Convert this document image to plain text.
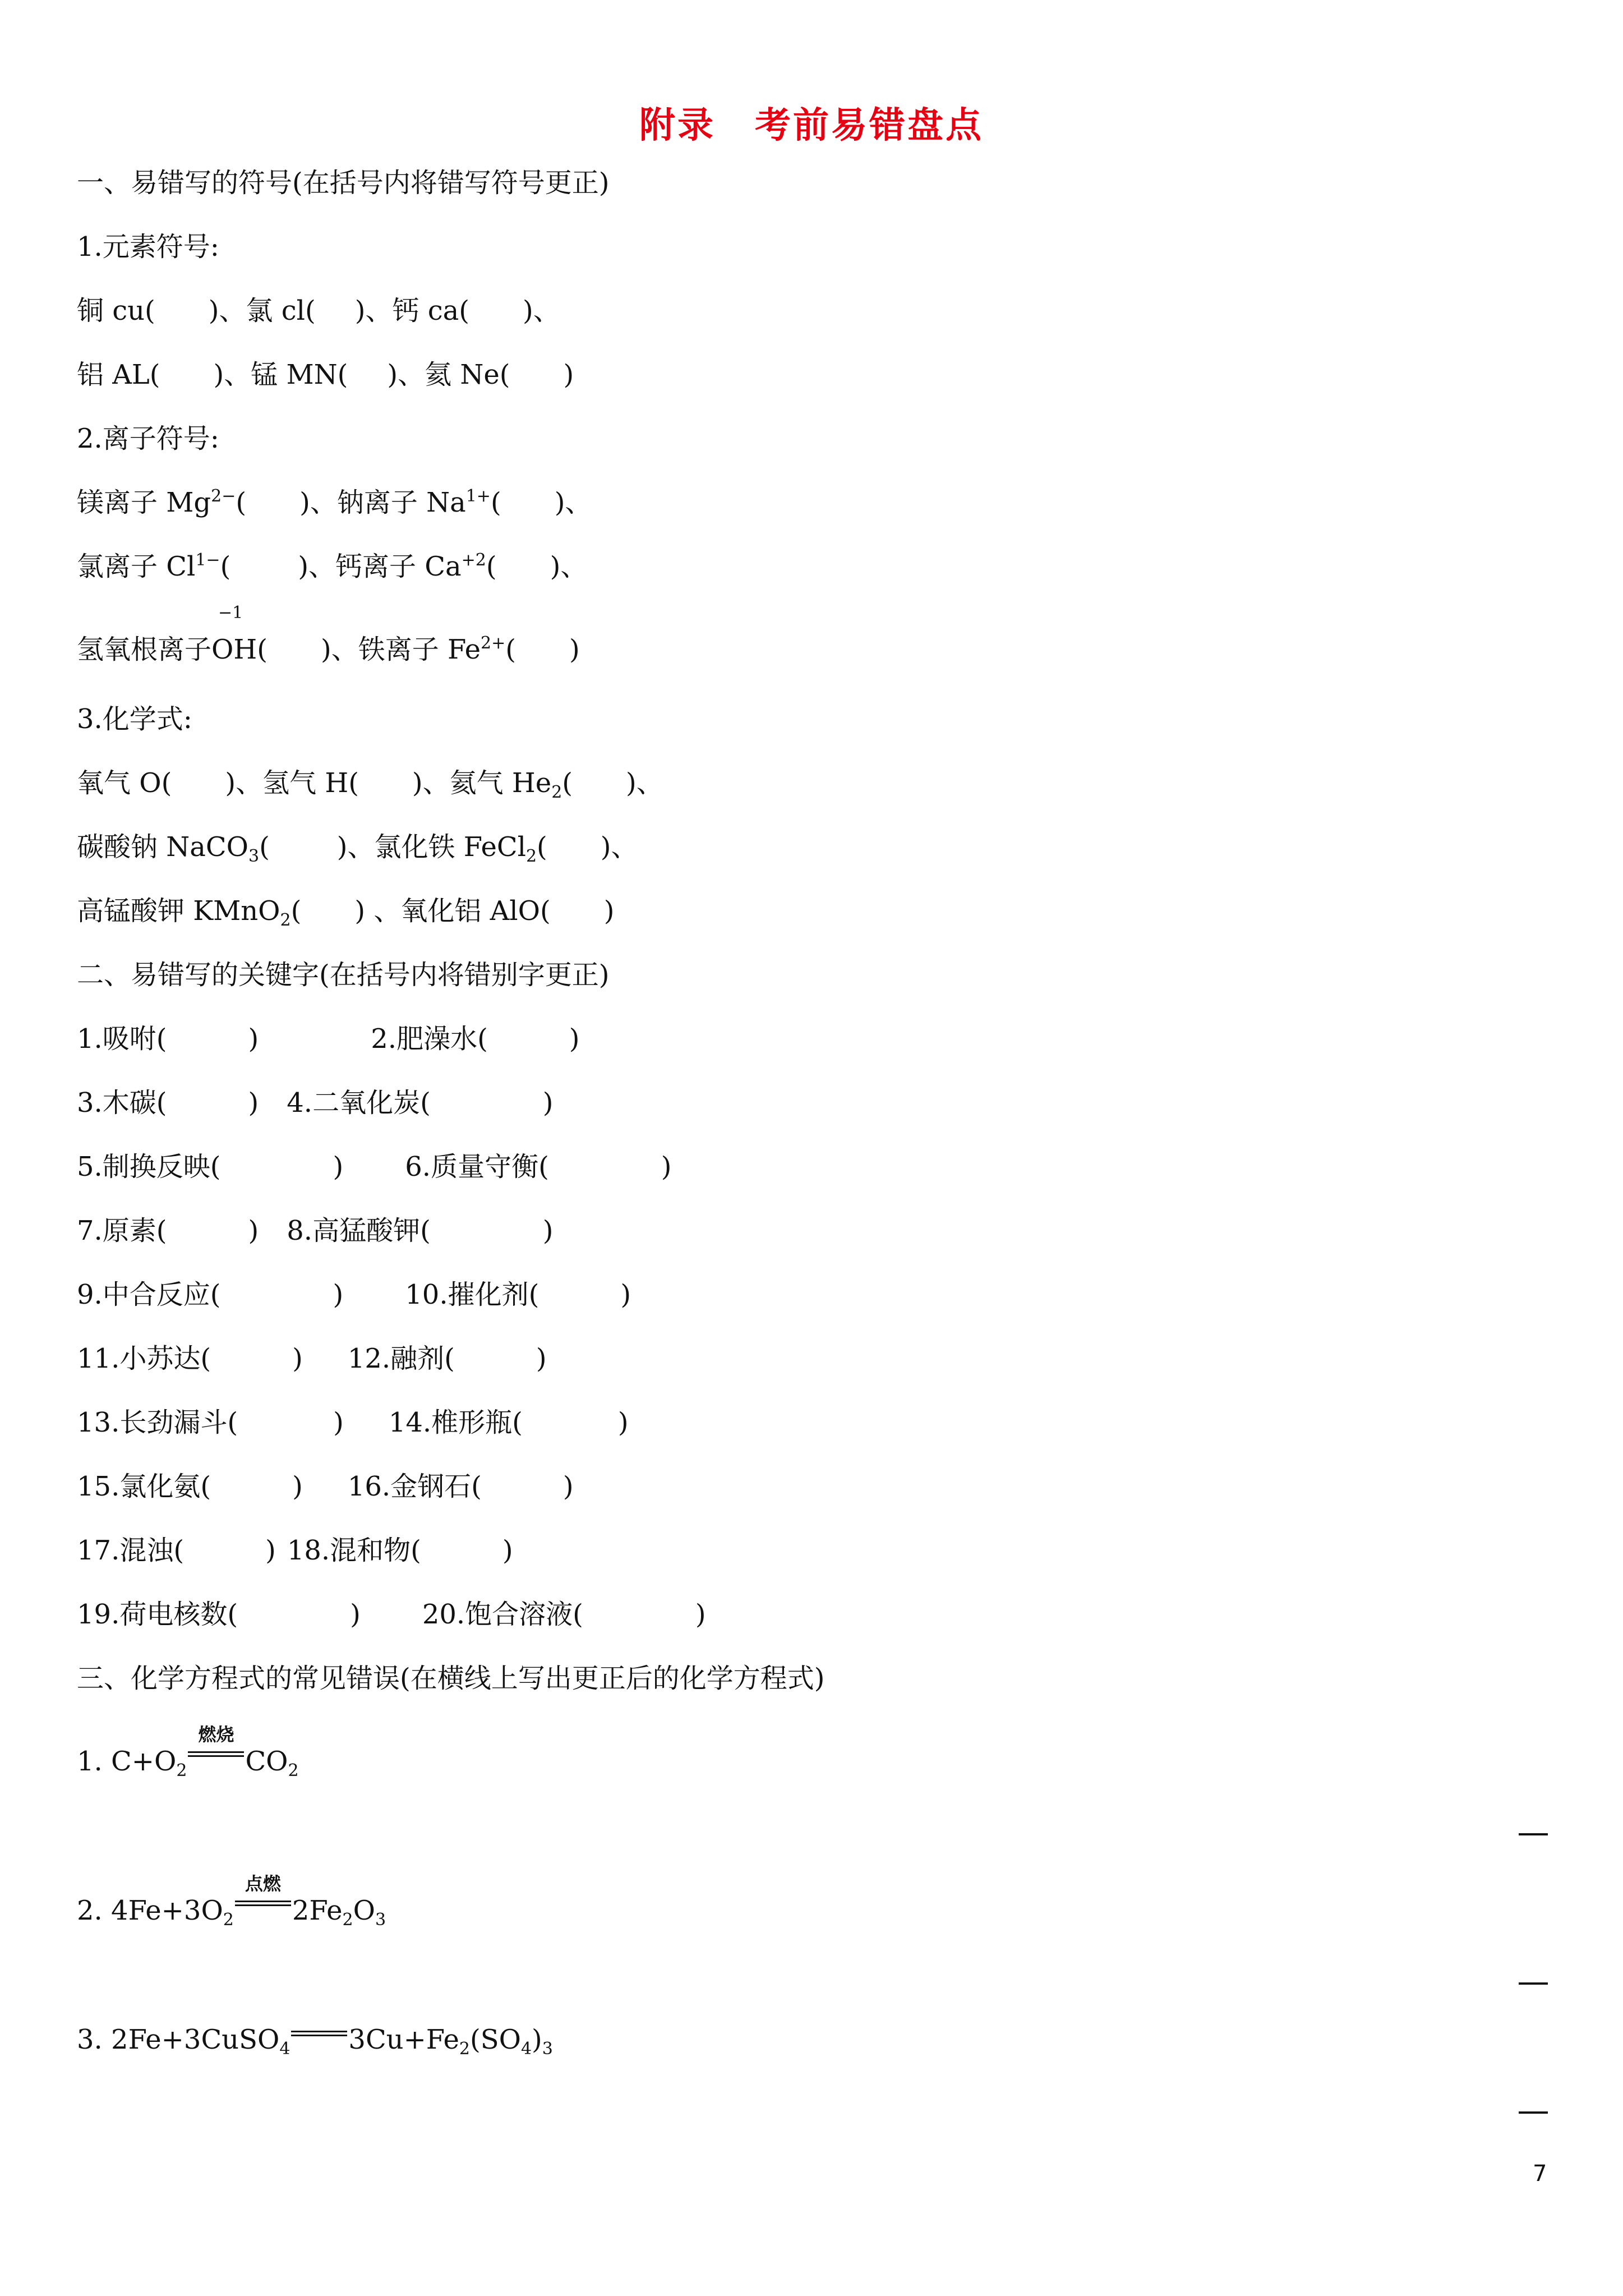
附录 考前易错盘点
一、易错写的符号(在括号内将错写符号更正)
1.元素符号:
铜 cu( )、氯 cl( )、钙 ca( )、
铝 AL( )、锰 MN( )、氦 Ne( )
2.离子符号:
镁离子 $Mg^{2-}$( )、钠离子 $Na^{1+}$( )、
氯离子 $Cl^{1-}$(	)、钙离子 $Ca^{+2}$( )、
氢氧根离子
−1
OH( )、铁离子 $Fe^{2+}$( )
3.化学式:
氧气 O( )、氢气 H( )、氦气 $He_2$( )、
碳酸钠 NaCO$_3$(	)、氯化铁 FeCl$_2$( )、
高锰酸钾 KMnO$_2$( ) 、氧化铝 AlO( )
二、易错写的关键字(在括号内将错别字更正)
1.吸咐(	)	2.肥澡水(	)
3.木碳(	) 4.二氧化炭(	)
5.制换反映(	) 6.质量守衡(	)
7.原素(	) 8.高猛酸钾(	)
9.中合反应(	) 10.摧化剂(	)
11.小苏达(	) 12.融剂(	)
13.长劲漏斗(	) 14.椎形瓶(	)
15.氯化氨(	) 16.金钢石(	)
17.混浊(	) 18.混和物(	)
19.荷电核数(	) 20.饱合溶液(	)
三、化学方程式的常见错误(在横线上写出更正后的化学方程式)
1. $C+O_2$
燃烧
$CO_2$
2. $4Fe+3O_2$
点燃
$2Fe_2O_3$
3. 2Fe+3CuSO$_4$ $3Cu+Fe_2(SO_4)_3$
7
